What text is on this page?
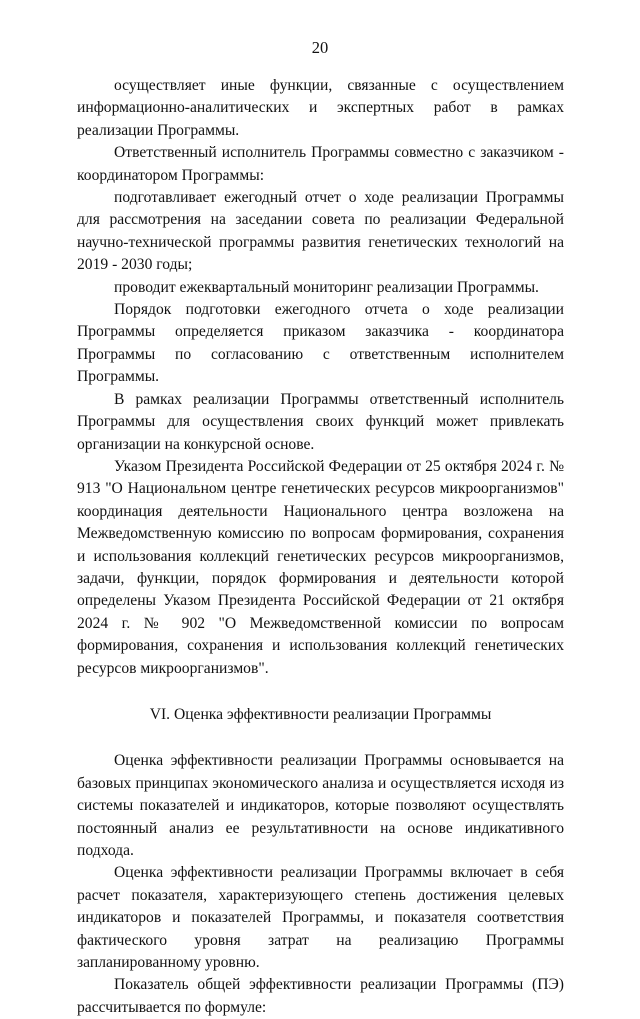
20

осуществляет иные функции, связанные с осуществлением информационно-аналитических и экспертных работ в рамках реализации Программы.

Ответственный исполнитель Программы совместно с заказчиком - координатором Программы:

подготавливает ежегодный отчет о ходе реализации Программы для рассмотрения на заседании совета по реализации Федеральной научно-технической программы развития генетических технологий на 2019 - 2030 годы;

проводит ежеквартальный мониторинг реализации Программы.

Порядок подготовки ежегодного отчета о ходе реализации Программы определяется приказом заказчика - координатора Программы по согласованию с ответственным исполнителем Программы.

В рамках реализации Программы ответственный исполнитель Программы для осуществления своих функций может привлекать организации на конкурсной основе.

Указом Президента Российской Федерации от 25 октября 2024 г. № 913 "О Национальном центре генетических ресурсов микроорганизмов" координация деятельности Национального центра возложена на Межведомственную комиссию по вопросам формирования, сохранения и использования коллекций генетических ресурсов микроорганизмов, задачи, функции, порядок формирования и деятельности которой определены Указом Президента Российской Федерации от 21 октября 2024 г. № 902 "О Межведомственной комиссии по вопросам формирования, сохранения и использования коллекций генетических ресурсов микроорганизмов".

VI. Оценка эффективности реализации Программы

Оценка эффективности реализации Программы основывается на базовых принципах экономического анализа и осуществляется исходя из системы показателей и индикаторов, которые позволяют осуществлять постоянный анализ ее результативности на основе индикативного подхода.

Оценка эффективности реализации Программы включает в себя расчет показателя, характеризующего степень достижения целевых индикаторов и показателей Программы, и показателя соответствия фактического уровня затрат на реализацию Программы запланированному уровню.

Показатель общей эффективности реализации Программы (ПЭ) рассчитывается по формуле:
